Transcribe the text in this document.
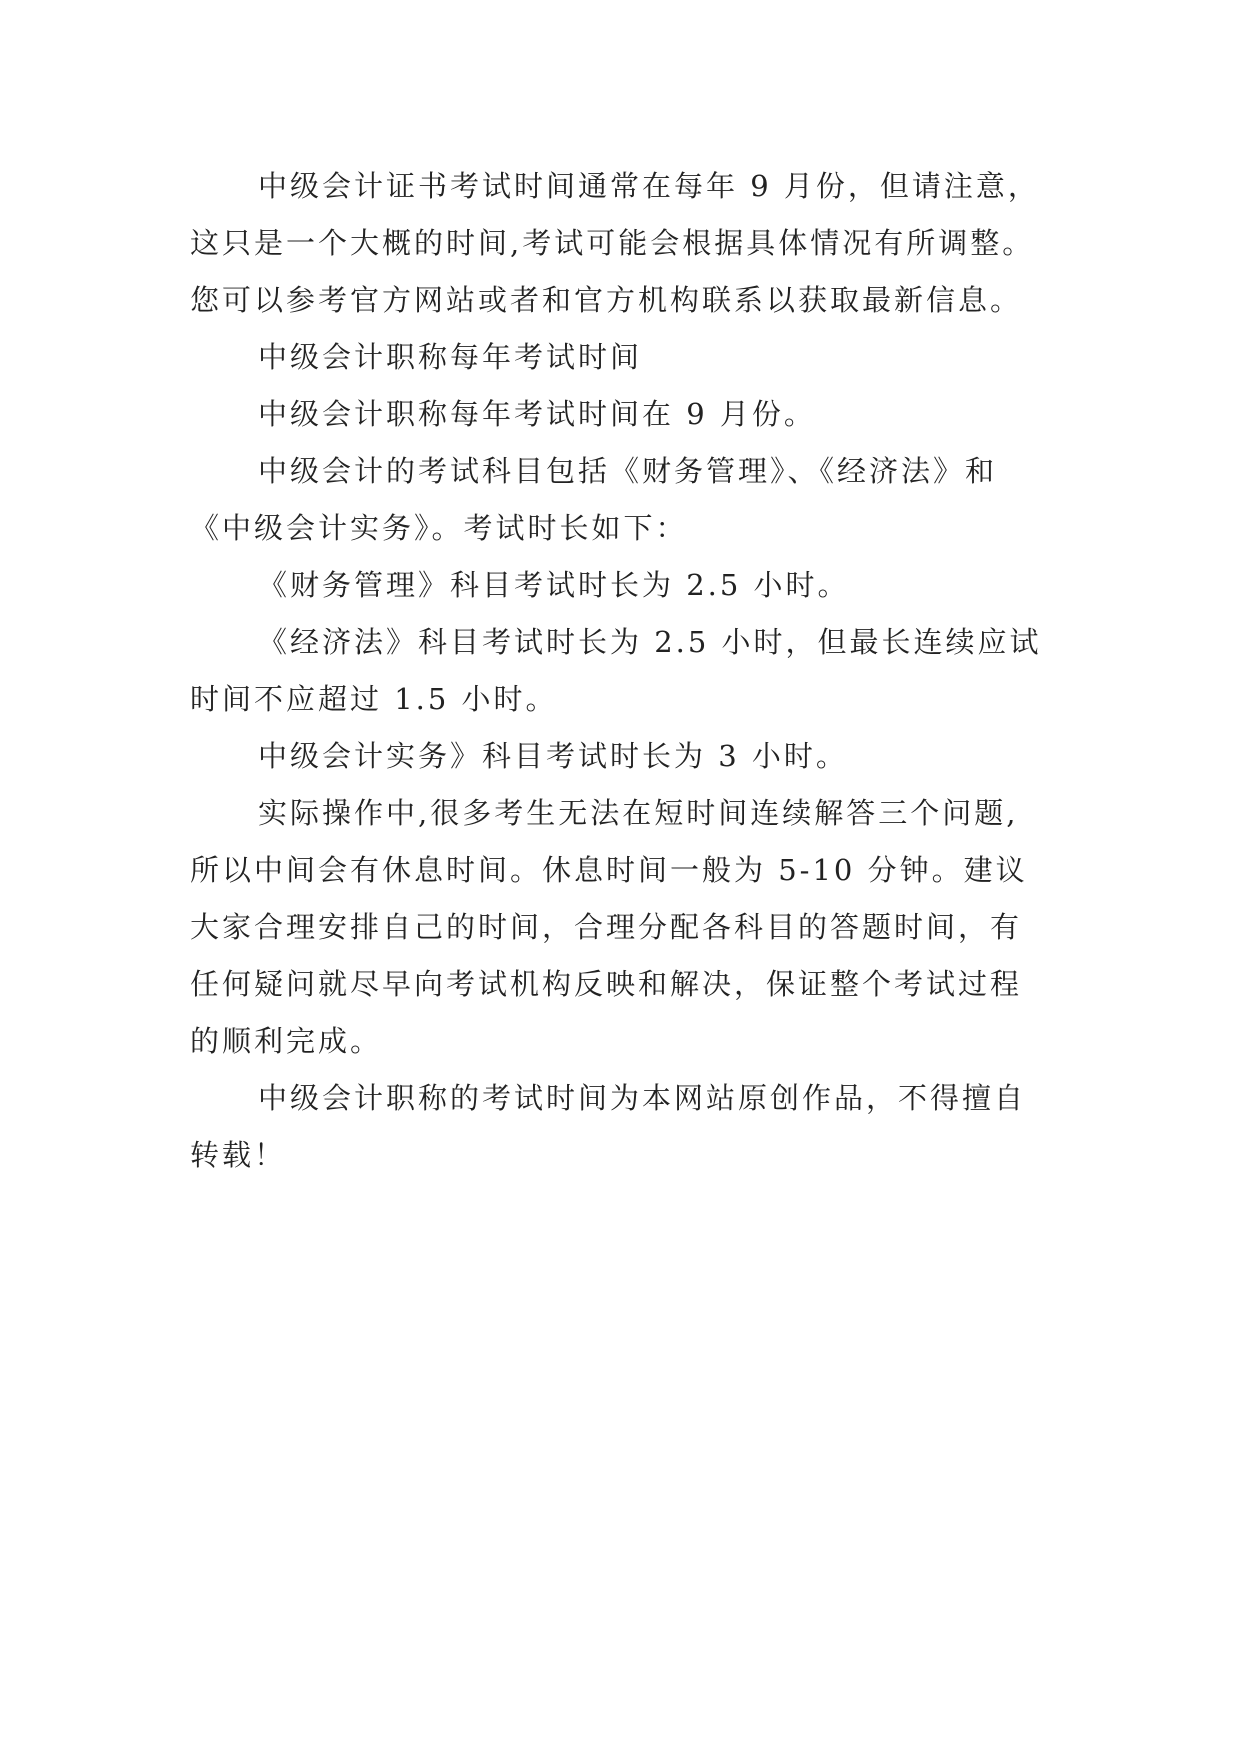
中级会计证书考试时间通常在每年 9 月份，但请注意，
这只是一个大概的时间,考试可能会根据具体情况有所调整。
您可以参考官方网站或者和官方机构联系以获取最新信息。
中级会计职称每年考试时间
中级会计职称每年考试时间在 9 月份。
中级会计的考试科目包括《财务管理》、《经济法》和
《中级会计实务》。考试时长如下：
《财务管理》科目考试时长为 2.5 小时。
《经济法》科目考试时长为 2.5 小时，但最长连续应试
时间不应超过 1.5 小时。
中级会计实务》科目考试时长为 3 小时。
实际操作中,很多考生无法在短时间连续解答三个问题,
所以中间会有休息时间。休息时间一般为 5-10 分钟。建议
大家合理安排自己的时间，合理分配各科目的答题时间，有
任何疑问就尽早向考试机构反映和解决，保证整个考试过程
的顺利完成。
中级会计职称的考试时间为本网站原创作品，不得擅自
转载！
